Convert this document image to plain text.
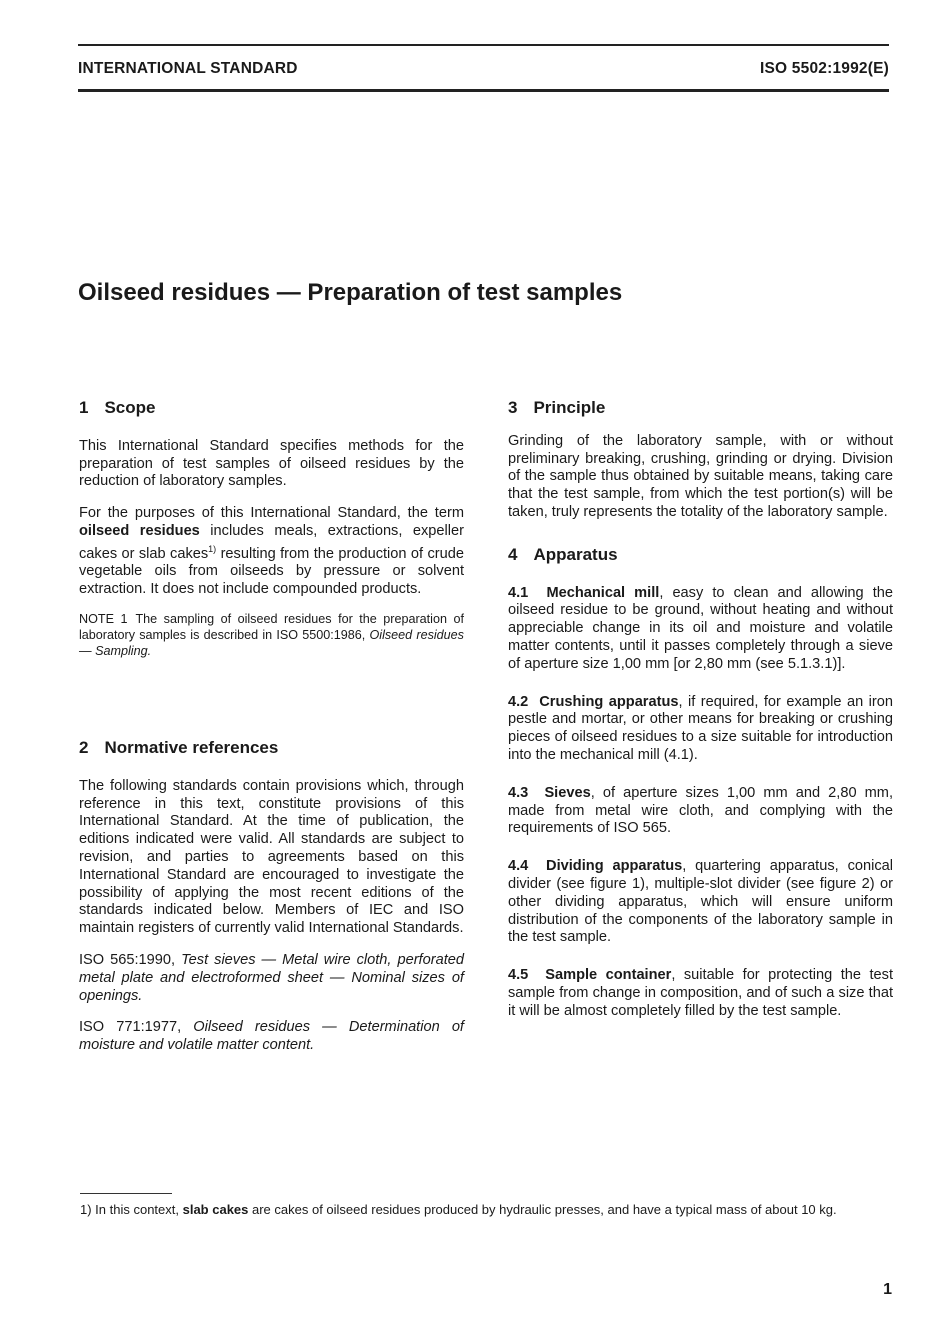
INTERNATIONAL STANDARD	ISO 5502:1992(E)
Oilseed residues — Preparation of test samples
1 Scope

This International Standard specifies methods for the preparation of test samples of oilseed residues by the reduction of laboratory samples.

For the purposes of this International Standard, the term oilseed residues includes meals, extractions, expeller cakes or slab cakes$^{1)}$ resulting from the production of crude vegetable oils from oilseeds by pressure or solvent extraction. It does not include compounded products.

NOTE 1 The sampling of oilseed residues for the preparation of laboratory samples is described in ISO 5500:1986, Oilseed residues — Sampling.

2 Normative references

The following standards contain provisions which, through reference in this text, constitute provisions of this International Standard. At the time of publication, the editions indicated were valid. All standards are subject to revision, and parties to agreements based on this International Standard are encouraged to investigate the possibility of applying the most recent editions of the standards indicated below. Members of IEC and ISO maintain registers of currently valid International Standards.

ISO 565:1990, Test sieves — Metal wire cloth, perforated metal plate and electroformed sheet — Nominal sizes of openings.

ISO 771:1977, Oilseed residues — Determination of moisture and volatile matter content.

3 Principle

Grinding of the laboratory sample, with or without preliminary breaking, crushing, grinding or drying. Division of the sample thus obtained by suitable means, taking care that the test sample, from which the test portion(s) will be taken, truly represents the totality of the laboratory sample.

4 Apparatus

4.1 Mechanical mill, easy to clean and allowing the oilseed residue to be ground, without heating and without appreciable change in its oil and moisture and volatile matter contents, until it passes completely through a sieve of aperture size 1,00 mm [or 2,80 mm (see 5.1.3.1)].

4.2 Crushing apparatus, if required, for example an iron pestle and mortar, or other means for breaking or crushing pieces of oilseed residues to a size suitable for introduction into the mechanical mill (4.1).

4.3 Sieves, of aperture sizes 1,00 mm and 2,80 mm, made from metal wire cloth, and complying with the requirements of ISO 565.

4.4 Dividing apparatus, quartering apparatus, conical divider (see figure 1), multiple-slot divider (see figure 2) or other dividing apparatus, which will ensure uniform distribution of the components of the laboratory sample in the test sample.

4.5 Sample container, suitable for protecting the test sample from change in composition, and of such a size that it will be almost completely filled by the test sample.

1) In this context, slab cakes are cakes of oilseed residues produced by hydraulic presses, and have a typical mass of about 10 kg.
1
